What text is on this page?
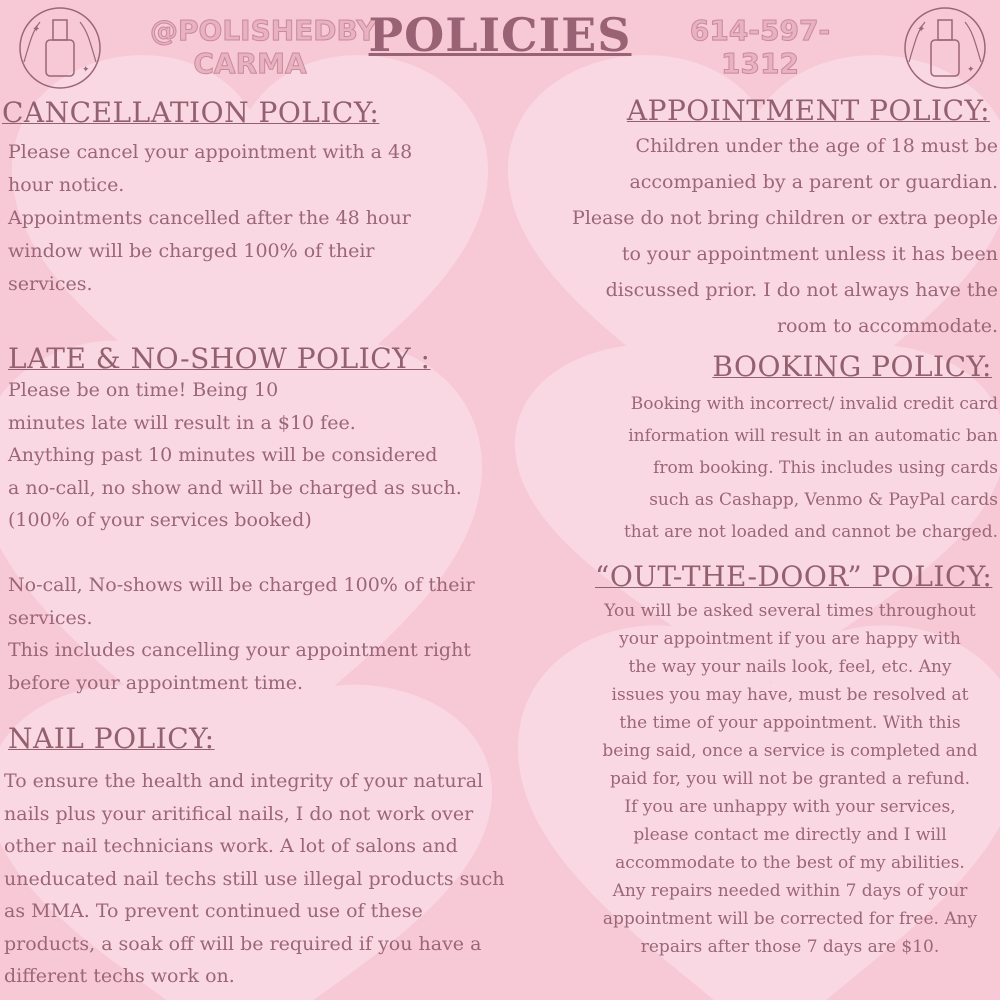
✦
✦
✦
✦
@POLISHEDBY
CARMA
POLICIES	614-597-
1312
CANCELLATION POLICY:
Please cancel your appointment with a 48
hour notice.
Appointments cancelled after the 48 hour
window will be charged 100% of their
services.
APPOINTMENT POLICY:
Children under the age of 18 must be
accompanied by a parent or guardian.
Please do not bring children or extra people
to your appointment unless it has been
discussed prior. I do not always have the
room to accommodate.
LATE & NO-SHOW POLICY :
Please be on time! Being 10
minutes late will result in a $10 fee.
Anything past 10 minutes will be considered
a no-call, no show and will be charged as such.
(100% of your services booked)
No-call, No-shows will be charged 100% of their
services.
This includes cancelling your appointment right
before your appointment time.
BOOKING POLICY:
Booking with incorrect/ invalid credit card
information will result in an automatic ban
from booking. This includes using cards
such as Cashapp, Venmo & PayPal cards
that are not loaded and cannot be charged.
“OUT-THE-DOOR” POLICY:
You will be asked several times throughout
your appointment if you are happy with
the way your nails look, feel, etc. Any
issues you may have, must be resolved at
the time of your appointment. With this
being said, once a service is completed and
paid for, you will not be granted a refund.
If you are unhappy with your services,
please contact me directly and I will
accommodate to the best of my abilities.
Any repairs needed within 7 days of your
appointment will be corrected for free. Any
repairs after those 7 days are $10.
NAIL POLICY:
To ensure the health and integrity of your natural
nails plus your aritifical nails, I do not work over
other nail technicians work. A lot of salons and
uneducated nail techs still use illegal products such
as MMA. To prevent continued use of these
products, a soak off will be required if you have a
different techs work on.
